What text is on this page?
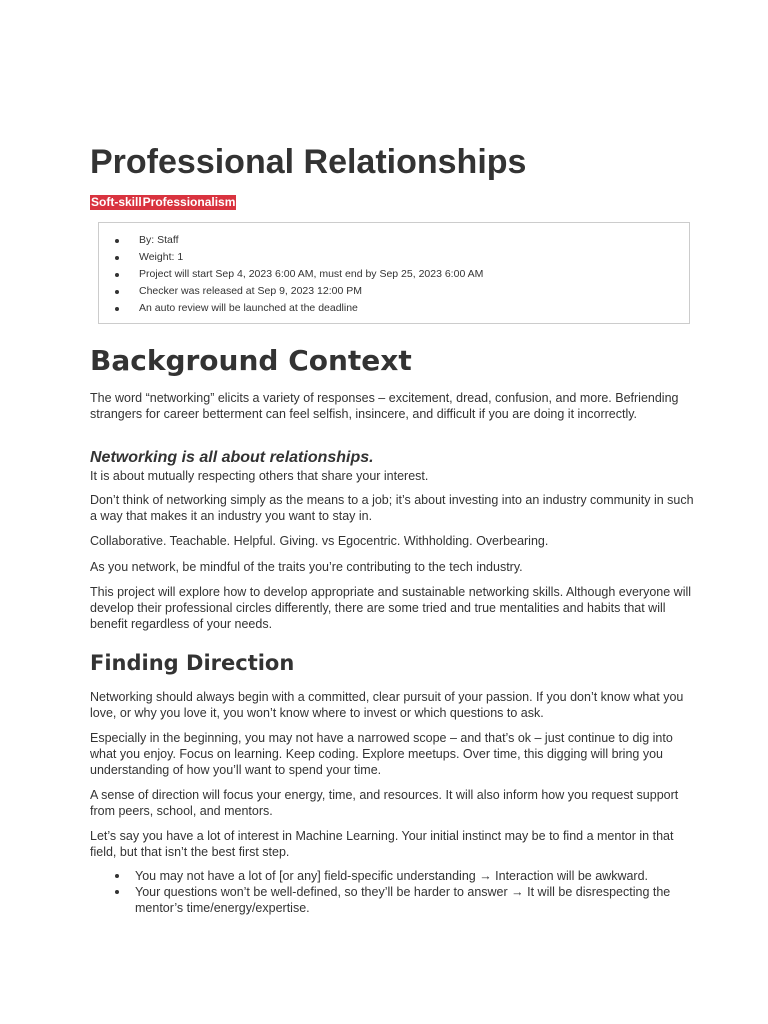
Professional Relationships
Soft-skill Professionalism
By: Staff
Weight: 1
Project will start Sep 4, 2023 6:00 AM, must end by Sep 25, 2023 6:00 AM
Checker was released at Sep 9, 2023 12:00 PM
An auto review will be launched at the deadline
Background Context

The word “networking” elicits a variety of responses – excitement, dread, confusion, and more. Befriending strangers for career betterment can feel selfish, insincere, and difficult if you are doing it incorrectly.

Networking is all about relationships.

It is about mutually respecting others that share your interest.

Don’t think of networking simply as the means to a job; it’s about investing into an industry community in such a way that makes it an industry you want to stay in.

Collaborative. Teachable. Helpful. Giving. vs Egocentric. Withholding. Overbearing.

As you network, be mindful of the traits you’re contributing to the tech industry.

This project will explore how to develop appropriate and sustainable networking skills. Although everyone will develop their professional circles differently, there are some tried and true mentalities and habits that will benefit regardless of your needs.

Finding Direction

Networking should always begin with a committed, clear pursuit of your passion. If you don’t know what you love, or why you love it, you won’t know where to invest or which questions to ask.

Especially in the beginning, you may not have a narrowed scope – and that’s ok – just continue to dig into what you enjoy. Focus on learning. Keep coding. Explore meetups. Over time, this digging will bring you understanding of how you’ll want to spend your time.

A sense of direction will focus your energy, time, and resources. It will also inform how you request support from peers, school, and mentors.

Let’s say you have a lot of interest in Machine Learning. Your initial instinct may be to find a mentor in that field, but that isn’t the best first step.

You may not have a lot of [or any] field-specific understanding → Interaction will be awkward.
Your questions won’t be well-defined, so they’ll be harder to answer → It will be disrespecting the mentor’s time/energy/expertise.
